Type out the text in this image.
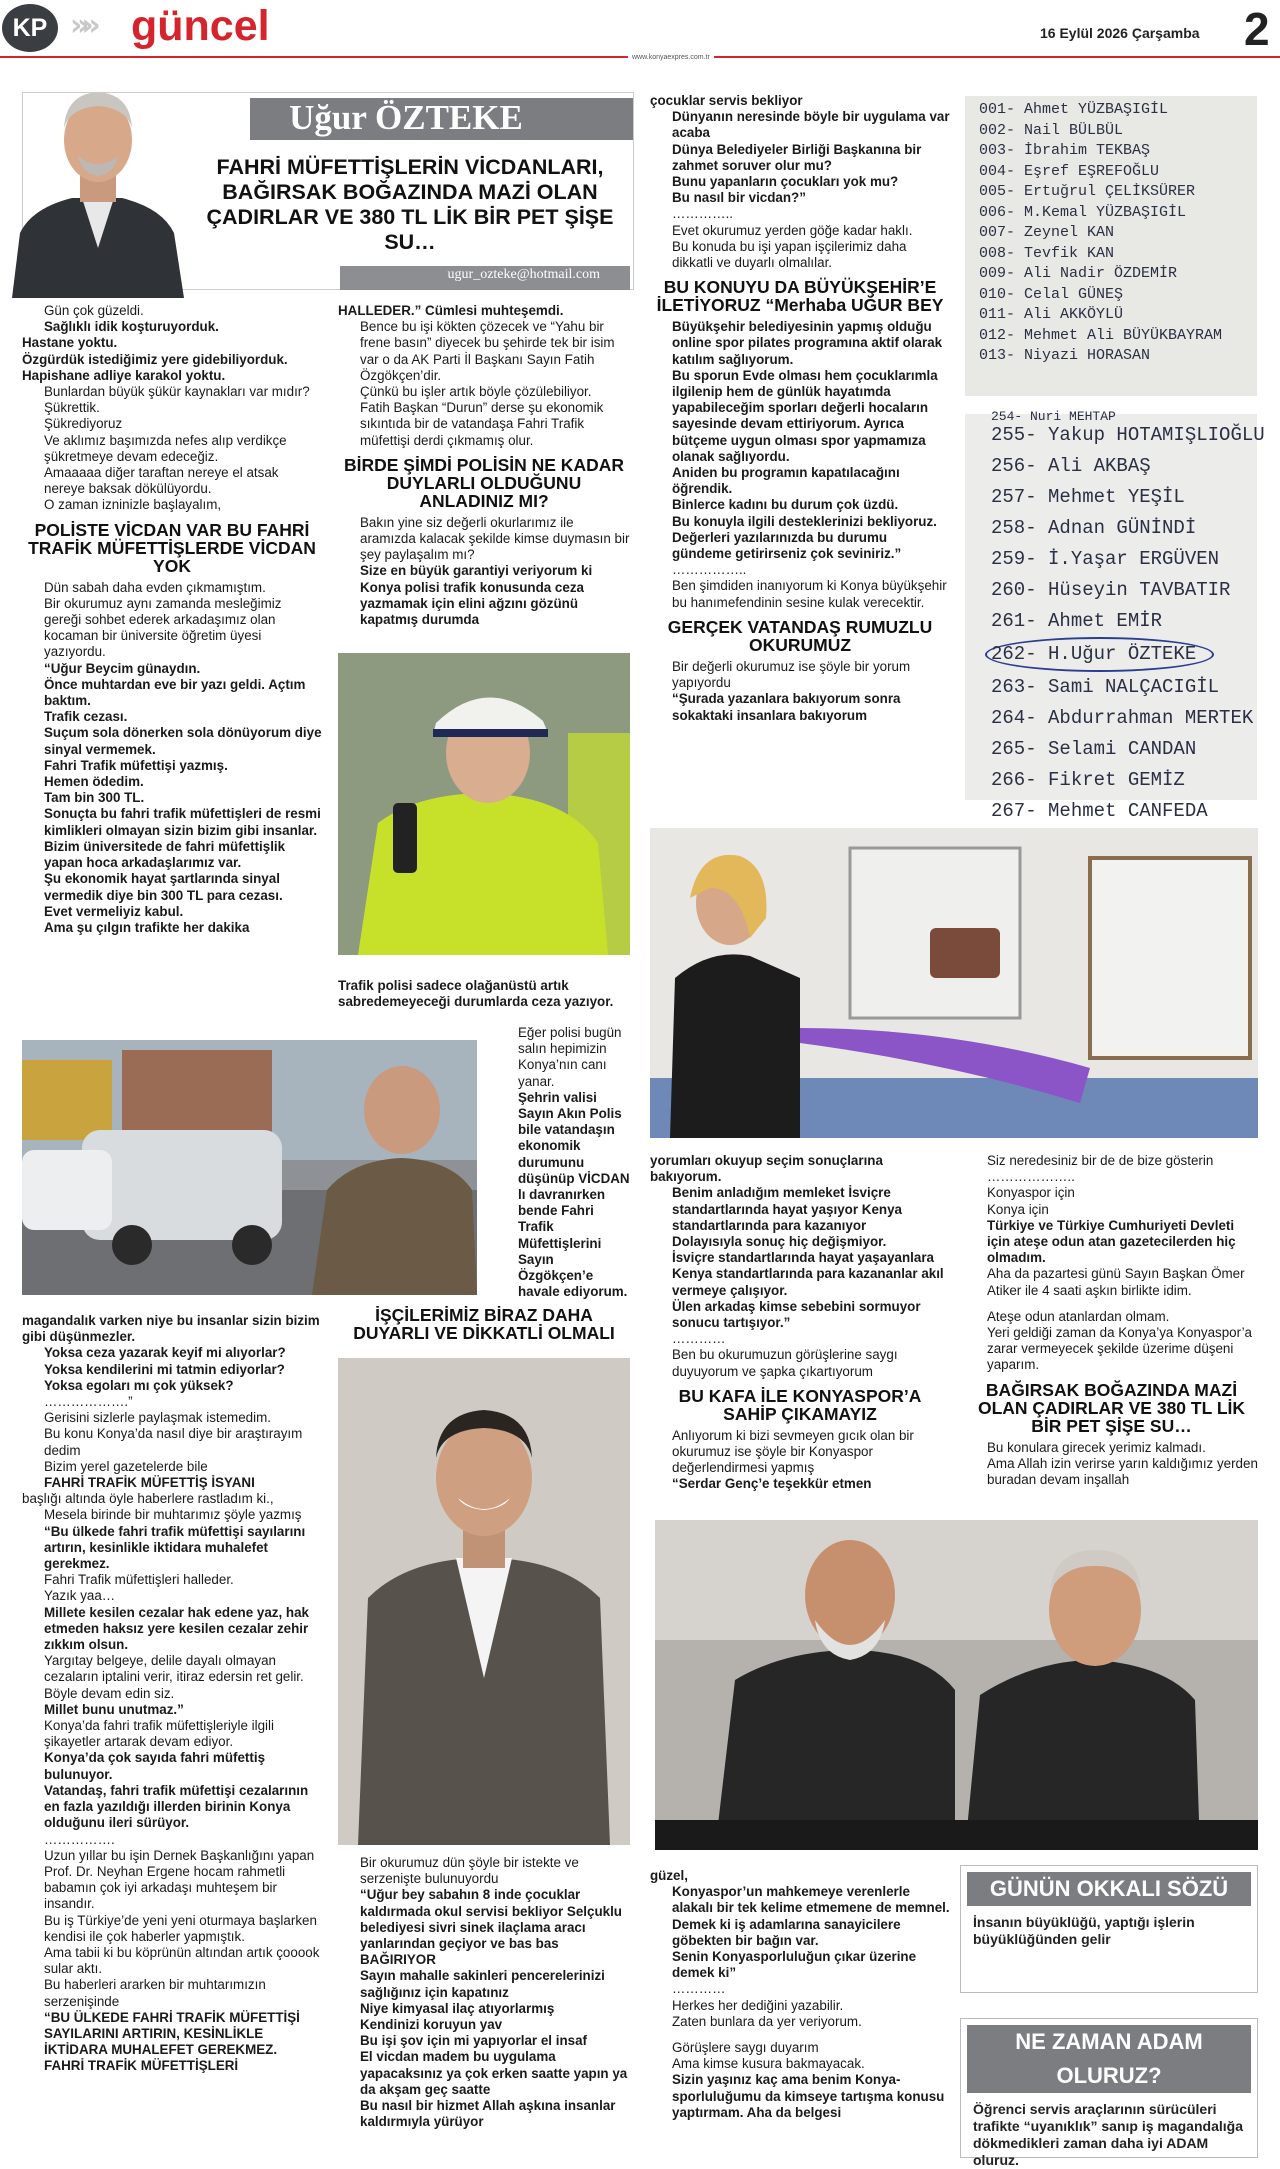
KP »» güncel	16 Eylül 2026 Çarşamba 2
www.konyaexpres.com.tr
Uğur ÖZTEKE
FAHRİ MÜFETTİŞLERİN VİCDANLARI, BAĞIRSAK BOĞAZINDA MAZİ OLAN ÇADIRLAR VE 380 TL LİK BİR PET ŞİŞE SU…
ugur_ozteke@hotmail.com

Gün çok güzeldi.

Sağlıklı idik koşturuyorduk.

Hastane yoktu.

Özgürdük istediğimiz yere gidebiliyorduk. Hapishane adliye karakol yoktu.

Bunlardan büyük şükür kaynakları var mıdır?

Şükrettik.

Şükrediyoruz

Ve aklımız başımızda nefes alıp verdikçe şükretmeye devam edeceğiz.

Amaaaaa diğer taraftan nereye el atsak nereye baksak dökülüyordu.

O zaman izninizle başlayalım,

POLİSTE VİCDAN VAR BU FAHRİ TRAFİK MÜFETTİŞLERDE VİCDAN YOK

Dün sabah daha evden çıkmamıştım.

Bir okurumuz aynı zamanda mesleğimiz gereği sohbet ederek arkadaşımız olan kocaman bir üniversite öğretim üyesi yazıyordu.

“Uğur Beycim günaydın.

Önce muhtardan eve bir yazı geldi. Açtım baktım.

Trafik cezası.

Suçum sola dönerken sola dönüyorum diye sinyal vermemek.

Fahri Trafik müfettişi yazmış.

Hemen ödedim.

Tam bin 300 TL.

Sonuçta bu fahri trafik müfettişleri de resmi kimlikleri olmayan sizin bizim gibi insanlar.

Bizim üniversitede de fahri müfettişlik yapan hoca arkadaşlarımız var.

Şu ekonomik hayat şartlarında sinyal vermedik diye bin 300 TL para cezası.

Evet vermeliyiz kabul.

Ama şu çılgın trafikte her dakika

magandalık varken niye bu insanlar sizin bizim gibi düşünmezler.

Yoksa ceza yazarak keyif mi alıyorlar?

Yoksa kendilerini mi tatmin ediyorlar?

Yoksa egoları mı çok yüksek?

……………….”

Gerisini sizlerle paylaşmak istemedim.

Bu konu Konya’da nasıl diye bir araştırayım dedim

Bizim yerel gazetelerde bile

FAHRİ TRAFİK MÜFETTİŞ İSYANI

başlığı altında öyle haberlere rastladım ki.,

Mesela birinde bir muhtarımız şöyle yazmış

“Bu ülkede fahri trafik müfettişi sayılarını artırın, kesinlikle iktidara muhalefet gerekmez.

Fahri Trafik müfettişleri halleder.

Yazık yaa…

Millete kesilen cezalar hak edene yaz, hak etmeden haksız yere kesilen cezalar zehir zıkkım olsun.

Yargıtay belgeye, delile dayalı olmayan cezaların iptalini verir, itiraz edersin ret gelir.

Böyle devam edin siz.

Millet bunu unutmaz.”

Konya’da fahri trafik müfettişleriyle ilgili şikayetler artarak devam ediyor.

Konya’da çok sayıda fahri müfettiş bulunuyor.

Vatandaş, fahri trafik müfettişi cezalarının en fazla yazıldığı illerden birinin Konya olduğunu ileri sürüyor.

…………….

Uzun yıllar bu işin Dernek Başkanlığını yapan Prof. Dr. Neyhan Ergene hocam rahmetli babamın çok iyi arkadaşı muhteşem bir insandır.

Bu iş Türkiye’de yeni yeni oturmaya başlarken kendisi ile çok haberler yapmıştık.

Ama tabii ki bu köprünün altından artık çooook sular aktı.

Bu haberleri ararken bir muhtarımızın serzenişinde

“BU ÜLKEDE FAHRİ TRAFİK MÜFETTİŞİ SAYILARINI ARTIRIN, KESİNLİKLE İKTİDARA MUHALEFET GEREKMEZ.

FAHRİ TRAFİK MÜFETTİŞLERİ

HALLEDER.” Cümlesi muhteşemdi.

Bence bu işi kökten çözecek ve “Yahu bir frene basın” diyecek bu şehirde tek bir isim var o da AK Parti İl Başkanı Sayın Fatih Özgökçen’dir.

Çünkü bu işler artık böyle çözülebiliyor.

Fatih Başkan “Durun” derse şu ekonomik sıkıntıda bir de vatandaşa Fahri Trafik müfettişi derdi çıkmamış olur.

BİRDE ŞİMDİ POLİSİN NE KADAR DUYLARLI OLDUĞUNU ANLADINIZ MI?

Bakın yine siz değerli okurlarımız ile aramızda kalacak şekilde kimse duymasın bir şey paylaşalım mı?

Size en büyük garantiyi veriyorum ki Konya polisi trafik konusunda ceza yazmamak için elini ağzını gözünü kapatmış durumda

Trafik polisi sadece olağanüstü artık sabredemeyeceği durumlarda ceza yazıyor.

Eğer polisi bugün salın hepimizin Konya’nın canı yanar.

Şehrin valisi Sayın Akın Polis bile vatandaşın ekonomik durumunu düşünüp VİCDAN lı davranırken bende Fahri Trafik Müfettişlerini Sayın Özgökçen’e havale ediyorum.

İŞÇİLERİMİZ BİRAZ DAHA DUYARLI VE DİKKATLİ OLMALI

Bir okurumuz dün şöyle bir istekte ve serzenişte bulunuyordu

“Uğur bey sabahın 8 inde çocuklar kaldırmada okul servisi bekliyor Selçuklu belediyesi sivri sinek ilaçlama aracı yanlarından geçiyor ve bas bas BAĞIRIYOR

Sayın mahalle sakinleri pencerelerinizi sağlığınız için kapatınız

Niye kimyasal ilaç atıyorlarmış

Kendinizi koruyun yav

Bu işi şov için mi yapıyorlar el insaf

El vicdan madem bu uygulama yapacaksınız ya çok erken saatte yapın ya da akşam geç saatte

Bu nasıl bir hizmet Allah aşkına insanlar kaldırmıyla yürüyor

çocuklar servis bekliyor

Dünyanın neresinde böyle bir uygulama var acaba

Dünya Belediyeler Birliği Başkanına bir zahmet soruver olur mu?

Bunu yapanların çocukları yok mu?

Bu nasıl bir vicdan?”

…………..

Evet okurumuz yerden göğe kadar haklı.

Bu konuda bu işi yapan işçilerimiz daha dikkatli ve duyarlı olmalılar.

BU KONUYU DA BÜYÜKŞEHİR’E İLETİYORUZ “Merhaba UĞUR BEY

Büyükşehir belediyesinin yapmış olduğu online spor pilates programına aktif olarak katılım sağlıyorum.

Bu sporun Evde olması hem çocuklarımla ilgilenip hem de günlük hayatımda yapabileceğim sporları değerli hocaların sayesinde devam ettiriyorum. Ayrıca bütçeme uygun olması spor yapmamıza olanak sağlıyordu.

Aniden bu programın kapatılacağını öğrendik.

Binlerce kadını bu durum çok üzdü.

Bu konuyla ilgili desteklerinizi bekliyoruz. Değerleri yazılarınızda bu durumu gündeme getirirseniz çok seviniriz.”

……………..

Ben şimdiden inanıyorum ki Konya büyükşehir bu hanımefendinin sesine kulak verecektir.

GERÇEK VATANDAŞ RUMUZLU OKURUMUZ

Bir değerli okurumuz ise şöyle bir yorum yapıyordu

“Şurada yazanlara bakıyorum sonra sokaktaki insanlara bakıyorum

001- Ahmet YÜZBAŞIGİL
002- Nail BÜLBÜL
003- İbrahim TEKBAŞ
004- Eşref EŞREFOĞLU
005- Ertuğrul ÇELİKSÜRER
006- M.Kemal YÜZBAŞIGİL
007- Zeynel KAN
008- Tevfik KAN
009- Ali Nadir ÖZDEMİR
010- Celal GÜNEŞ
011- Ali AKKÖYLÜ
012- Mehmet Ali BÜYÜKBAYRAM
013- Niyazi HORASAN
254- Nuri MEHTAP
255- Yakup HOTAMIŞLIOĞLU
256- Ali AKBAŞ
257- Mehmet YEŞİL
258- Adnan GÜNİNDİ
259- İ.Yaşar ERGÜVEN
260- Hüseyin TAVBATIR
261- Ahmet EMİR
262- H.Uğur ÖZTEKE
263- Sami NALÇACIGİL
264- Abdurrahman MERTEK
265- Selami CANDAN
266- Fikret GEMİZ
267- Mehmet CANFEDA

yorumları okuyup seçim sonuçlarına bakıyorum.

Benim anladığım memleket İsviçre standartlarında hayat yaşıyor Kenya standartlarında para kazanıyor

Dolayısıyla sonuç hiç değişmiyor.

İsviçre standartlarında hayat yaşayanlara Kenya standartlarında para kazananlar akıl vermeye çalışıyor.

Ülen arkadaş kimse sebebini sormuyor sonucu tartışıyor.”

…………

Ben bu okurumuzun görüşlerine saygı duyuyorum ve şapka çıkartıyorum

BU KAFA İLE KONYASPOR’A SAHİP ÇIKAMAYIZ

Anlıyorum ki bizi sevmeyen gıcık olan bir okurumuz ise şöyle bir Konyaspor değerlendirmesi yapmış

“Serdar Genç’e teşekkür etmen

Siz neredesiniz bir de de bize gösterin

………………..

Konyaspor için

Konya için

Türkiye ve Türkiye Cumhuriyeti Devleti için ateşe odun atan gazetecilerden hiç olmadım.

Aha da pazartesi günü Sayın Başkan Ömer Atiker ile 4 saati aşkın birlikte idim.

Ateşe odun atanlardan olmam.

Yeri geldiği zaman da Konya’ya Konyaspor’a zarar vermeyecek şekilde üzerime düşeni yaparım.

BAĞIRSAK BOĞAZINDA MAZİ OLAN ÇADIRLAR VE 380 TL LİK BİR PET ŞİŞE SU…

Bu konulara girecek yerimiz kalmadı.

Ama Allah izin verirse yarın kaldığımız yerden buradan devam inşallah

güzel,

Konyaspor’un mahkemeye verenlerle alakalı bir tek kelime etmemene de memnel.

Demek ki iş adamlarına sanayicilere göbekten bir bağın var.

Senin Konyasporluluğun çıkar üzerine demek ki”

…………

Herkes her dediğini yazabilir.

Zaten bunlara da yer veriyorum.

Görüşlere saygı duyarım

Ama kimse kusura bakmayacak.

Sizin yaşınız kaç ama benim Konya-sporluluğumu da kimseye tartışma konusu yaptırmam. Aha da belgesi

GÜNÜN OKKALI SÖZÜ
İnsanın büyüklüğü, yaptığı işlerin büyüklüğünden gelir
NE ZAMAN ADAM OLURUZ?
Öğrenci servis araçlarının sürücüleri trafikte “uyanıklık” sanıp iş magandalığa dökmedikleri zaman daha iyi ADAM oluruz.
